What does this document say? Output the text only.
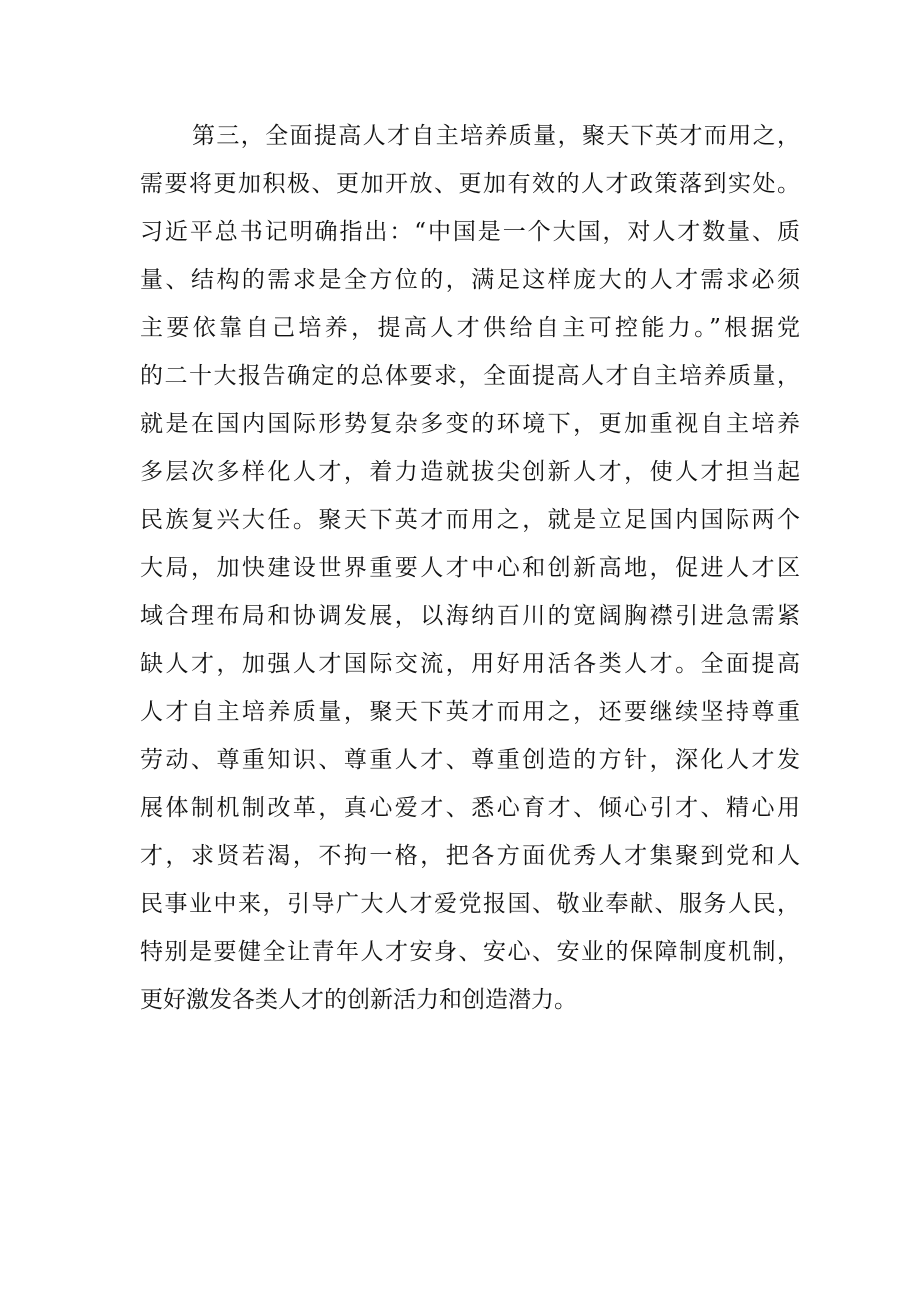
第三，全面提高人才自主培养质量，聚天下英才而用之，
需要将更加积极、更加开放、更加有效的人才政策落到实处。
习近平总书记明确指出：“中国是一个大国，对人才数量、质
量、结构的需求是全方位的，满足这样庞大的人才需求必须
主要依靠自己培养，提高人才供给自主可控能力。”根据党
的二十大报告确定的总体要求，全面提高人才自主培养质量，
就是在国内国际形势复杂多变的环境下，更加重视自主培养
多层次多样化人才，着力造就拔尖创新人才，使人才担当起
民族复兴大任。聚天下英才而用之，就是立足国内国际两个
大局，加快建设世界重要人才中心和创新高地，促进人才区
域合理布局和协调发展，以海纳百川的宽阔胸襟引进急需紧
缺人才，加强人才国际交流，用好用活各类人才。全面提高
人才自主培养质量，聚天下英才而用之，还要继续坚持尊重
劳动、尊重知识、尊重人才、尊重创造的方针，深化人才发
展体制机制改革，真心爱才、悉心育才、倾心引才、精心用
才，求贤若渴，不拘一格，把各方面优秀人才集聚到党和人
民事业中来，引导广大人才爱党报国、敬业奉献、服务人民，
特别是要健全让青年人才安身、安心、安业的保障制度机制，
更好激发各类人才的创新活力和创造潜力。
